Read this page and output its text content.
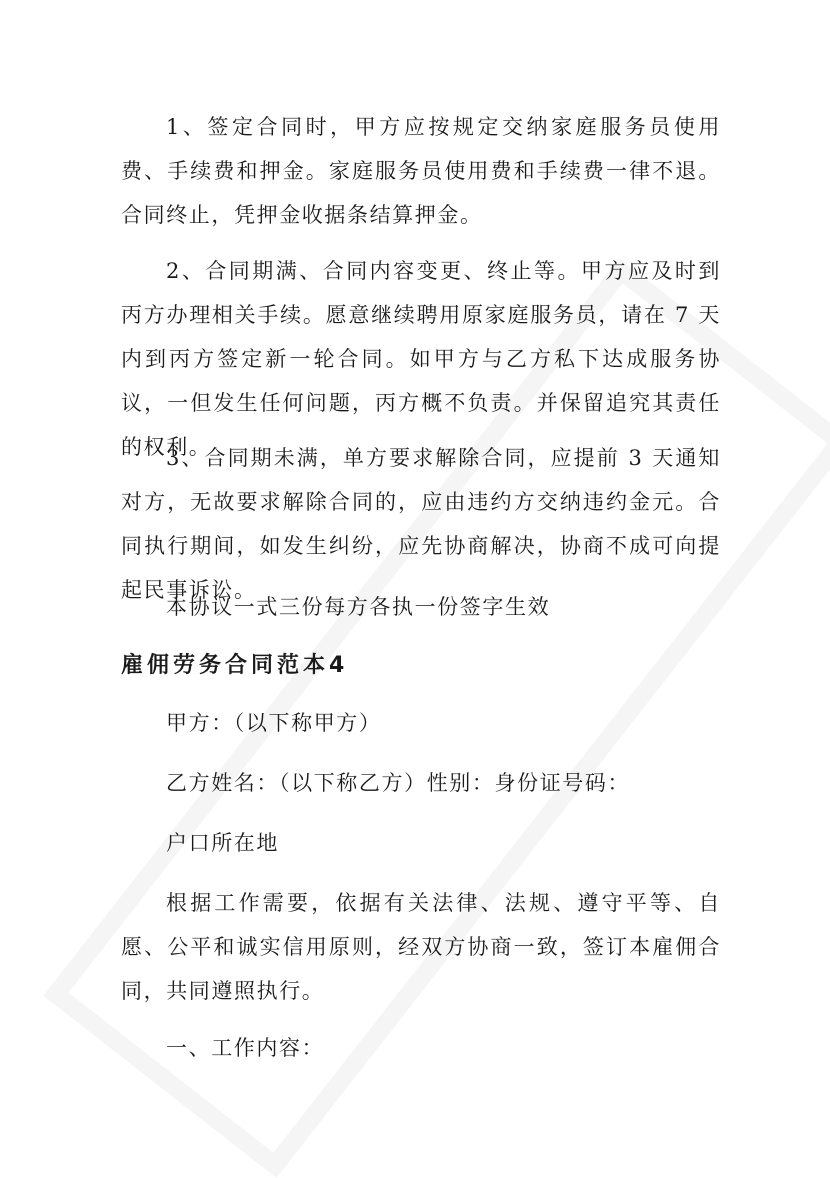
1、签定合同时，甲方应按规定交纳家庭服务员使用费、手续费和押金。家庭服务员使用费和手续费一律不退。合同终止，凭押金收据条结算押金。

2、合同期满、合同内容变更、终止等。甲方应及时到丙方办理相关手续。愿意继续聘用原家庭服务员，请在 7 天内到丙方签定新一轮合同。如甲方与乙方私下达成服务协议，一但发生任何问题，丙方概不负责。并保留追究其责任的权利。

3、合同期未满，单方要求解除合同，应提前 3 天通知对方，无故要求解除合同的，应由违约方交纳违约金元。合同执行期间，如发生纠纷，应先协商解决，协商不成可向提起民事诉讼。

本协议一式三份每方各执一份签字生效

雇佣劳务合同范本4

甲方：（以下称甲方）

乙方姓名：（以下称乙方）性别：身份证号码：

户口所在地

根据工作需要，依据有关法律、法规、遵守平等、自愿、公平和诚实信用原则，经双方协商一致，签订本雇佣合同，共同遵照执行。

一、工作内容：
